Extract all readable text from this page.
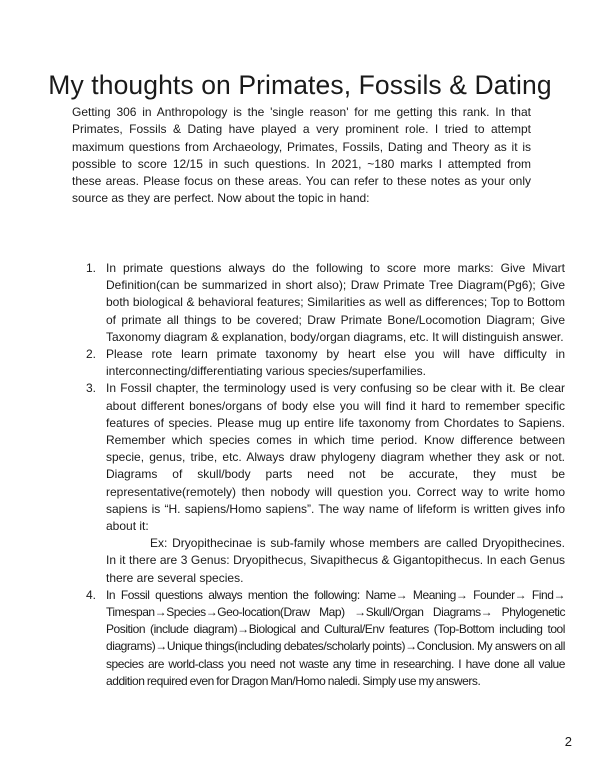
My thoughts on Primates, Fossils & Dating

Getting 306 in Anthropology is the 'single reason' for me getting this rank. In that Primates, Fossils & Dating have played a very prominent role. I tried to attempt maximum questions from Archaeology, Primates, Fossils, Dating and Theory as it is possible to score 12/15 in such questions. In 2021, ~180 marks I attempted from these areas. Please focus on these areas. You can refer to these notes as your only source as they are perfect. Now about the topic in hand:

1. In primate questions always do the following to score more marks: Give Mivart Definition(can be summarized in short also); Draw Primate Tree Diagram(Pg6); Give both biological & behavioral features; Similarities as well as differences; Top to Bottom of primate all things to be covered; Draw Primate Bone/Locomotion Diagram; Give Taxonomy diagram & explanation, body/organ diagrams, etc. It will distinguish answer.
2. Please rote learn primate taxonomy by heart else you will have difficulty in interconnecting/differentiating various species/superfamilies.
3. In Fossil chapter, the terminology used is very confusing so be clear with it. Be clear about different bones/organs of body else you will find it hard to remember specific features of species. Please mug up entire life taxonomy from Chordates to Sapiens. Remember which species comes in which time period. Know difference between specie, genus, tribe, etc. Always draw phylogeny diagram whether they ask or not. Diagrams of skull/body parts need not be accurate, they must be representative(remotely) then nobody will question you. Correct way to write homo sapiens is “H. sapiens/Homo sapiens”. The way name of lifeform is written gives info about it:
Ex: Dryopithecinae is sub-family whose members are called Dryopithecines. In it there are 3 Genus: Dryopithecus, Sivapithecus & Gigantopithecus. In each Genus there are several species.
4. In Fossil questions always mention the following: Name→ Meaning→ Founder→ Find→ Timespan→Species→Geo-location(Draw Map) →Skull/Organ Diagrams→ Phylogenetic Position (include diagram)→Biological and Cultural/Env features (Top-Bottom including tool diagrams)→Unique things(including debates/scholarly points)→Conclusion. My answers on all species are world-class you need not waste any time in researching. I have done all value addition required even for Dragon Man/Homo naledi. Simply use my answers.
2
